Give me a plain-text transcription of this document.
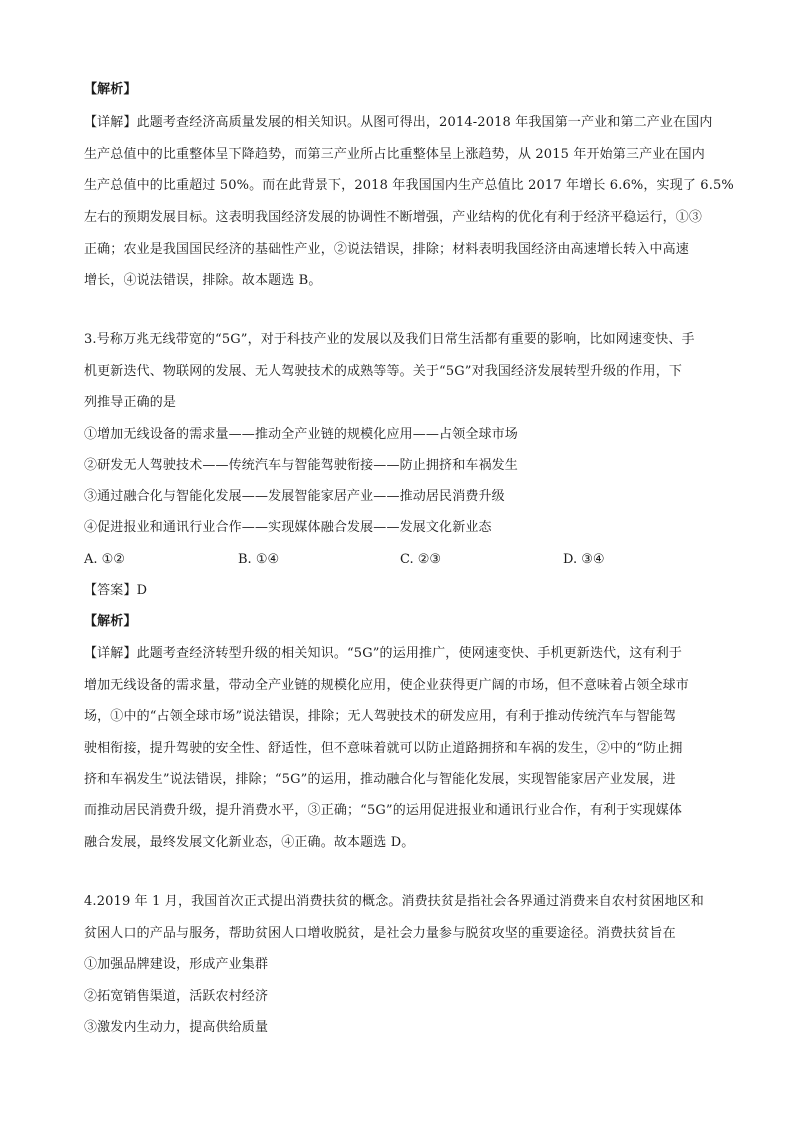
【解析】
【详解】此题考查经济高质量发展的相关知识。从图可得出，2014-2018 年我国第一产业和第二产业在国内
生产总值中的比重整体呈下降趋势，而第三产业所占比重整体呈上涨趋势，从 2015 年开始第三产业在国内
生产总值中的比重超过 50%。而在此背景下，2018 年我国国内生产总值比 2017 年增长 6.6%，实现了 6.5%
左右的预期发展目标。这表明我国经济发展的协调性不断增强，产业结构的优化有利于经济平稳运行，①③
正确；农业是我国国民经济的基础性产业，②说法错误，排除；材料表明我国经济由高速增长转入中高速
增长，④说法错误，排除。故本题选 B。
3.号称万兆无线带宽的“5G”，对于科技产业的发展以及我们日常生活都有重要的影响，比如网速变快、手
机更新迭代、物联网的发展、无人驾驶技术的成熟等等。关于“5G”对我国经济发展转型升级的作用，下
列推导正确的是
①增加无线设备的需求量——推动全产业链的规模化应用——占领全球市场
②研发无人驾驶技术——传统汽车与智能驾驶衔接——防止拥挤和车祸发生
③通过融合化与智能化发展——发展智能家居产业——推动居民消费升级
④促进报业和通讯行业合作——实现媒体融合发展——发展文化新业态
A. ①②	B. ①④	C. ②③	D. ③④
【答案】D
【解析】
【详解】此题考查经济转型升级的相关知识。“5G”的运用推广，使网速变快、手机更新迭代，这有利于
增加无线设备的需求量，带动全产业链的规模化应用，使企业获得更广阔的市场，但不意味着占领全球市
场，①中的“占领全球市场”说法错误，排除；无人驾驶技术的研发应用，有利于推动传统汽车与智能驾
驶相衔接，提升驾驶的安全性、舒适性，但不意味着就可以防止道路拥挤和车祸的发生，②中的“防止拥
挤和车祸发生”说法错误，排除；“5G”的运用，推动融合化与智能化发展，实现智能家居产业发展，进
而推动居民消费升级，提升消费水平，③正确；“5G”的运用促进报业和通讯行业合作，有利于实现媒体
融合发展，最终发展文化新业态，④正确。故本题选 D。
4.2019 年 1 月，我国首次正式提出消费扶贫的概念。消费扶贫是指社会各界通过消费来自农村贫困地区和
贫困人口的产品与服务，帮助贫困人口增收脱贫，是社会力量参与脱贫攻坚的重要途径。消费扶贫旨在
①加强品牌建设，形成产业集群
②拓宽销售渠道，活跃农村经济
③激发内生动力，提高供给质量
